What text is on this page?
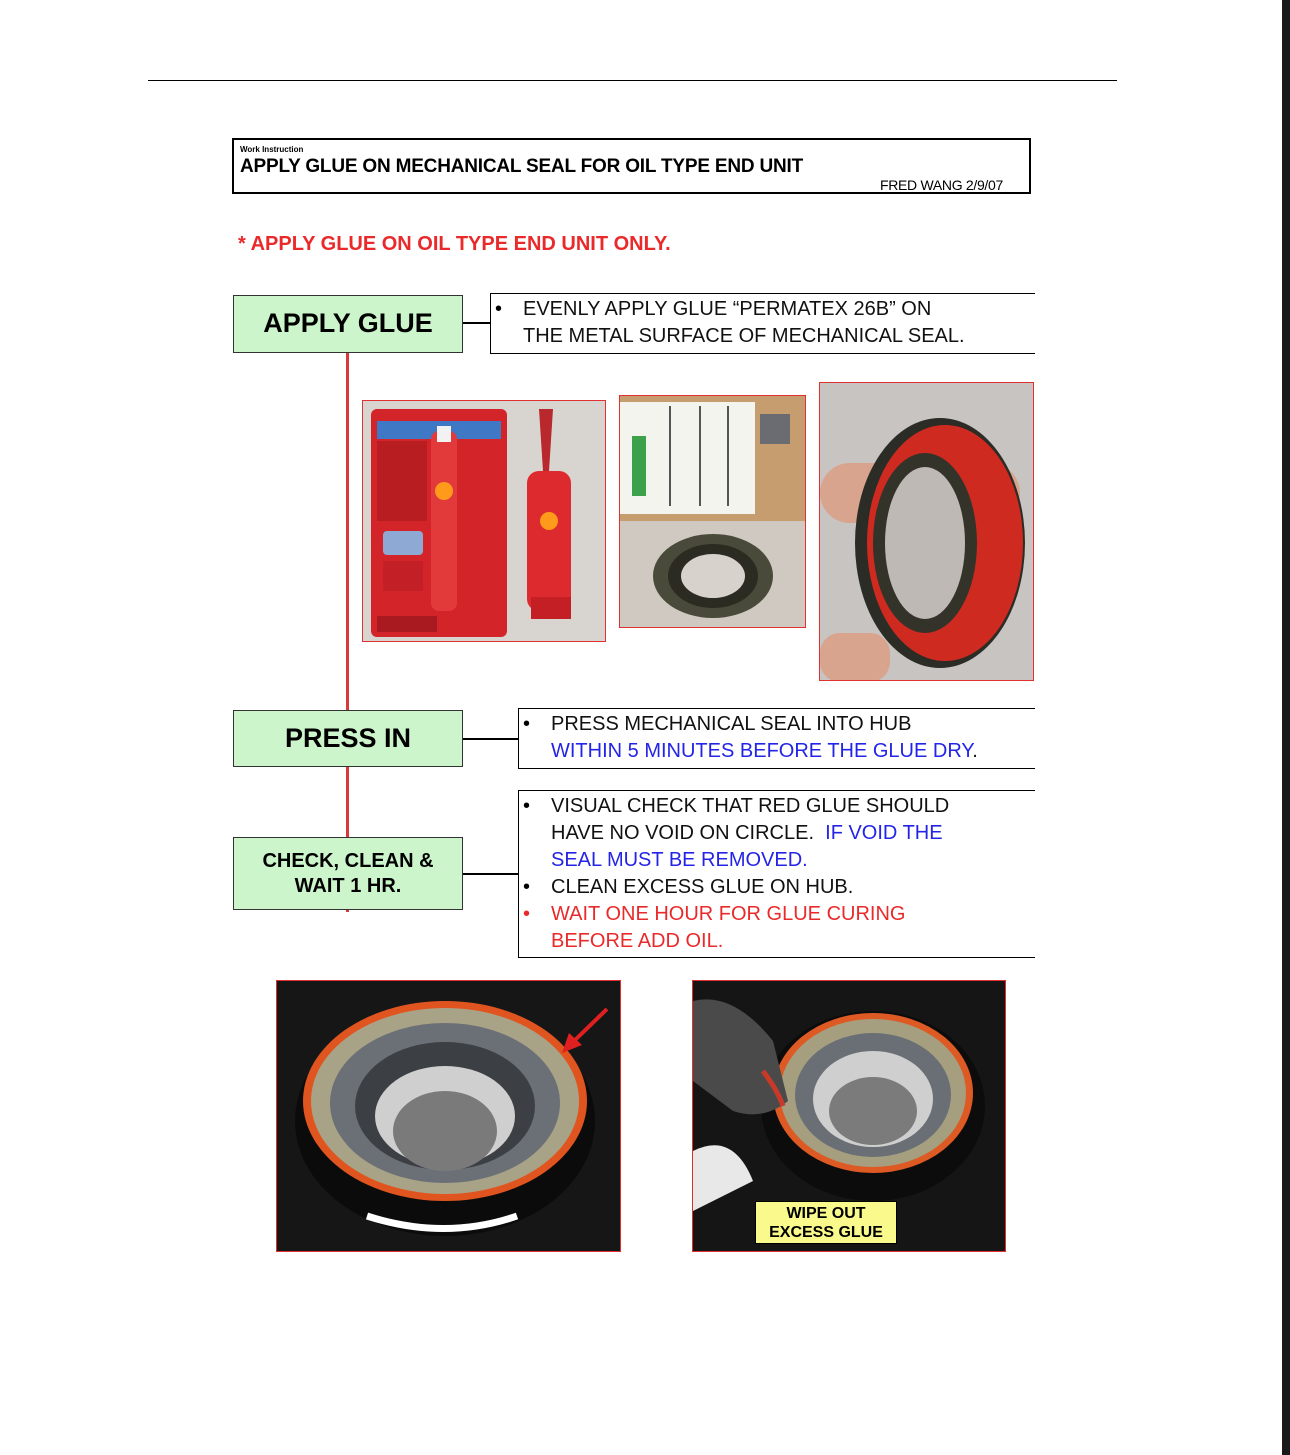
Work Instruction
APPLY GLUE ON MECHANICAL SEAL FOR OIL TYPE END UNIT
FRED WANG 2/9/07
* APPLY GLUE ON OIL TYPE END UNIT ONLY.
APPLY GLUE	• EVENLY APPLY GLUE “PERMATEX 26B” ON
THE METAL SURFACE OF MECHANICAL SEAL.
PRESS IN	• PRESS MECHANICAL SEAL INTO HUB
WITHIN 5 MINUTES BEFORE THE GLUE DRY.
CHECK, CLEAN &
WAIT 1 HR.
• VISUAL CHECK THAT RED GLUE SHOULD
HAVE NO VOID ON CIRCLE. IF VOID THE
SEAL MUST BE REMOVED.
• CLEAN EXCESS GLUE ON HUB.
• WAIT ONE HOUR FOR GLUE CURING
BEFORE ADD OIL.
WIPE OUT
EXCESS GLUE
